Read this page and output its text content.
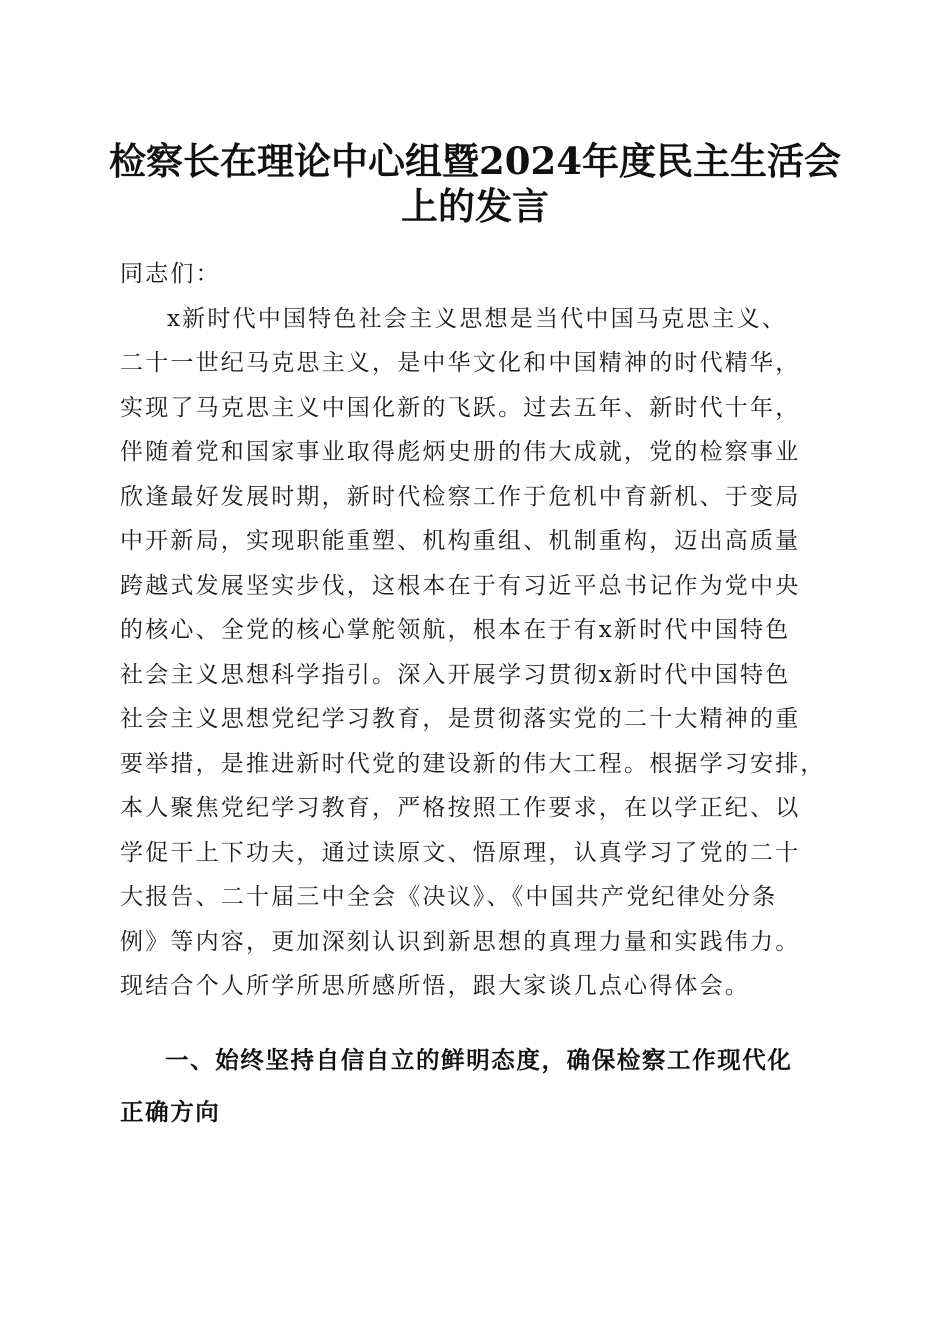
检察长在理论中心组暨2024年度民主生活会
上的发言
同志们：
x新时代中国特色社会主义思想是当代中国马克思主义、
二十一世纪马克思主义，是中华文化和中国精神的时代精华，
实现了马克思主义中国化新的飞跃。过去五年、新时代十年，
伴随着党和国家事业取得彪炳史册的伟大成就，党的检察事业
欣逢最好发展时期，新时代检察工作于危机中育新机、于变局
中开新局，实现职能重塑、机构重组、机制重构，迈出高质量
跨越式发展坚实步伐，这根本在于有习近平总书记作为党中央
的核心、全党的核心掌舵领航，根本在于有x新时代中国特色
社会主义思想科学指引。深入开展学习贯彻x新时代中国特色
社会主义思想党纪学习教育，是贯彻落实党的二十大精神的重
要举措，是推进新时代党的建设新的伟大工程。根据学习安排，
本人聚焦党纪学习教育，严格按照工作要求，在以学正纪、以
学促干上下功夫，通过读原文、悟原理，认真学习了党的二十
大报告、二十届三中全会《决议》、《中国共产党纪律处分条
例》等内容，更加深刻认识到新思想的真理力量和实践伟力。
现结合个人所学所思所感所悟，跟大家谈几点心得体会。
一、始终坚持自信自立的鲜明态度，确保检察工作现代化
正确方向
